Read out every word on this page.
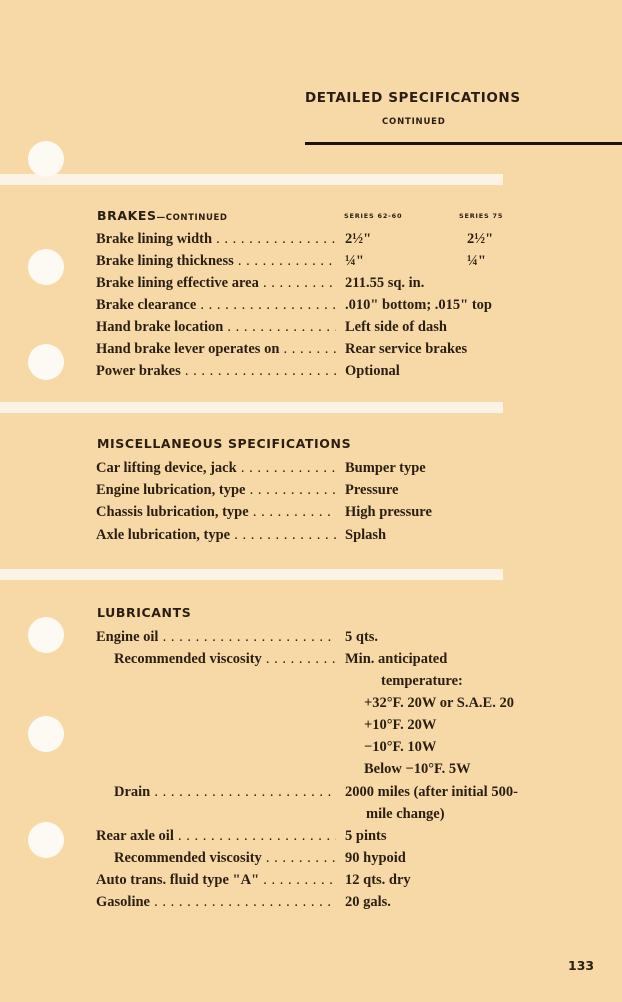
DETAILED SPECIFICATIONS
CONTINUED
BRAKES—CONTINUED	SERIES 62-60	SERIES 75
Brake lining width . . .	2½"	2½"
Brake lining thickness . . .	¼"	¼"
Brake lining effective area . . .	211.55 sq. in.
Brake clearance . . .	.010" bottom; .015" top
Hand brake location . . .	Left side of dash
Hand brake lever operates on . . .	Rear service brakes
Power brakes . . .	Optional
MISCELLANEOUS SPECIFICATIONS
Car lifting device, jack . . .	Bumper type
Engine lubrication, type . . .	Pressure
Chassis lubrication, type . . .	High pressure
Axle lubrication, type . . .	Splash
LUBRICANTS
Engine oil . . .	5 qts.
Recommended viscosity . . .	Min. anticipated
temperature:
+32°F. 20W or S.A.E. 20
+10°F. 20W
−10°F. 10W
Below −10°F. 5W
Drain . . .	2000 miles (after initial 500-
mile change)
Rear axle oil . . .	5 pints
Recommended viscosity . . .	90 hypoid
Auto trans. fluid type "A" . . .	12 qts. dry
Gasoline . . .	20 gals.
133
